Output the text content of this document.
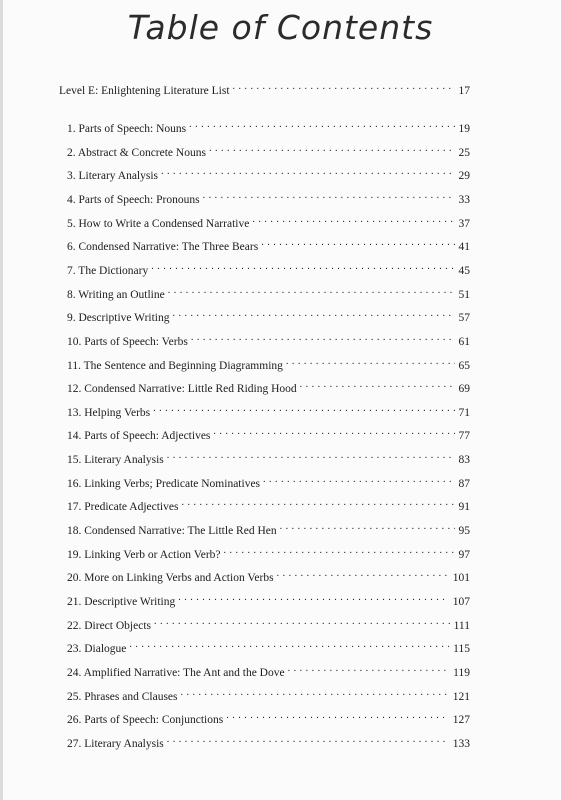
Table of Contents
Level E: Enlightening Literature List . . .	17
1. Parts of Speech: Nouns . . .	19
2. Abstract & Concrete Nouns . . .	25
3. Literary Analysis . . .	29
4. Parts of Speech: Pronouns . . .	33
5. How to Write a Condensed Narrative . . .	37
6. Condensed Narrative: The Three Bears . . .	41
7. The Dictionary . . .	45
8. Writing an Outline . . .	51
9. Descriptive Writing . . .	57
10. Parts of Speech: Verbs . . .	61
11. The Sentence and Beginning Diagramming . . .	65
12. Condensed Narrative: Little Red Riding Hood . . .	69
13. Helping Verbs . . .	71
14. Parts of Speech: Adjectives . . .	77
15. Literary Analysis . . .	83
16. Linking Verbs; Predicate Nominatives . . .	87
17. Predicate Adjectives . . .	91
18. Condensed Narrative: The Little Red Hen . . .	95
19. Linking Verb or Action Verb? . . .	97
20. More on Linking Verbs and Action Verbs . . .	101
21. Descriptive Writing . . .	107
22. Direct Objects . . .	111
23. Dialogue . . .	115
24. Amplified Narrative: The Ant and the Dove . . .	119
25. Phrases and Clauses . . .	121
26. Parts of Speech: Conjunctions . . .	127
27. Literary Analysis . . .	133
